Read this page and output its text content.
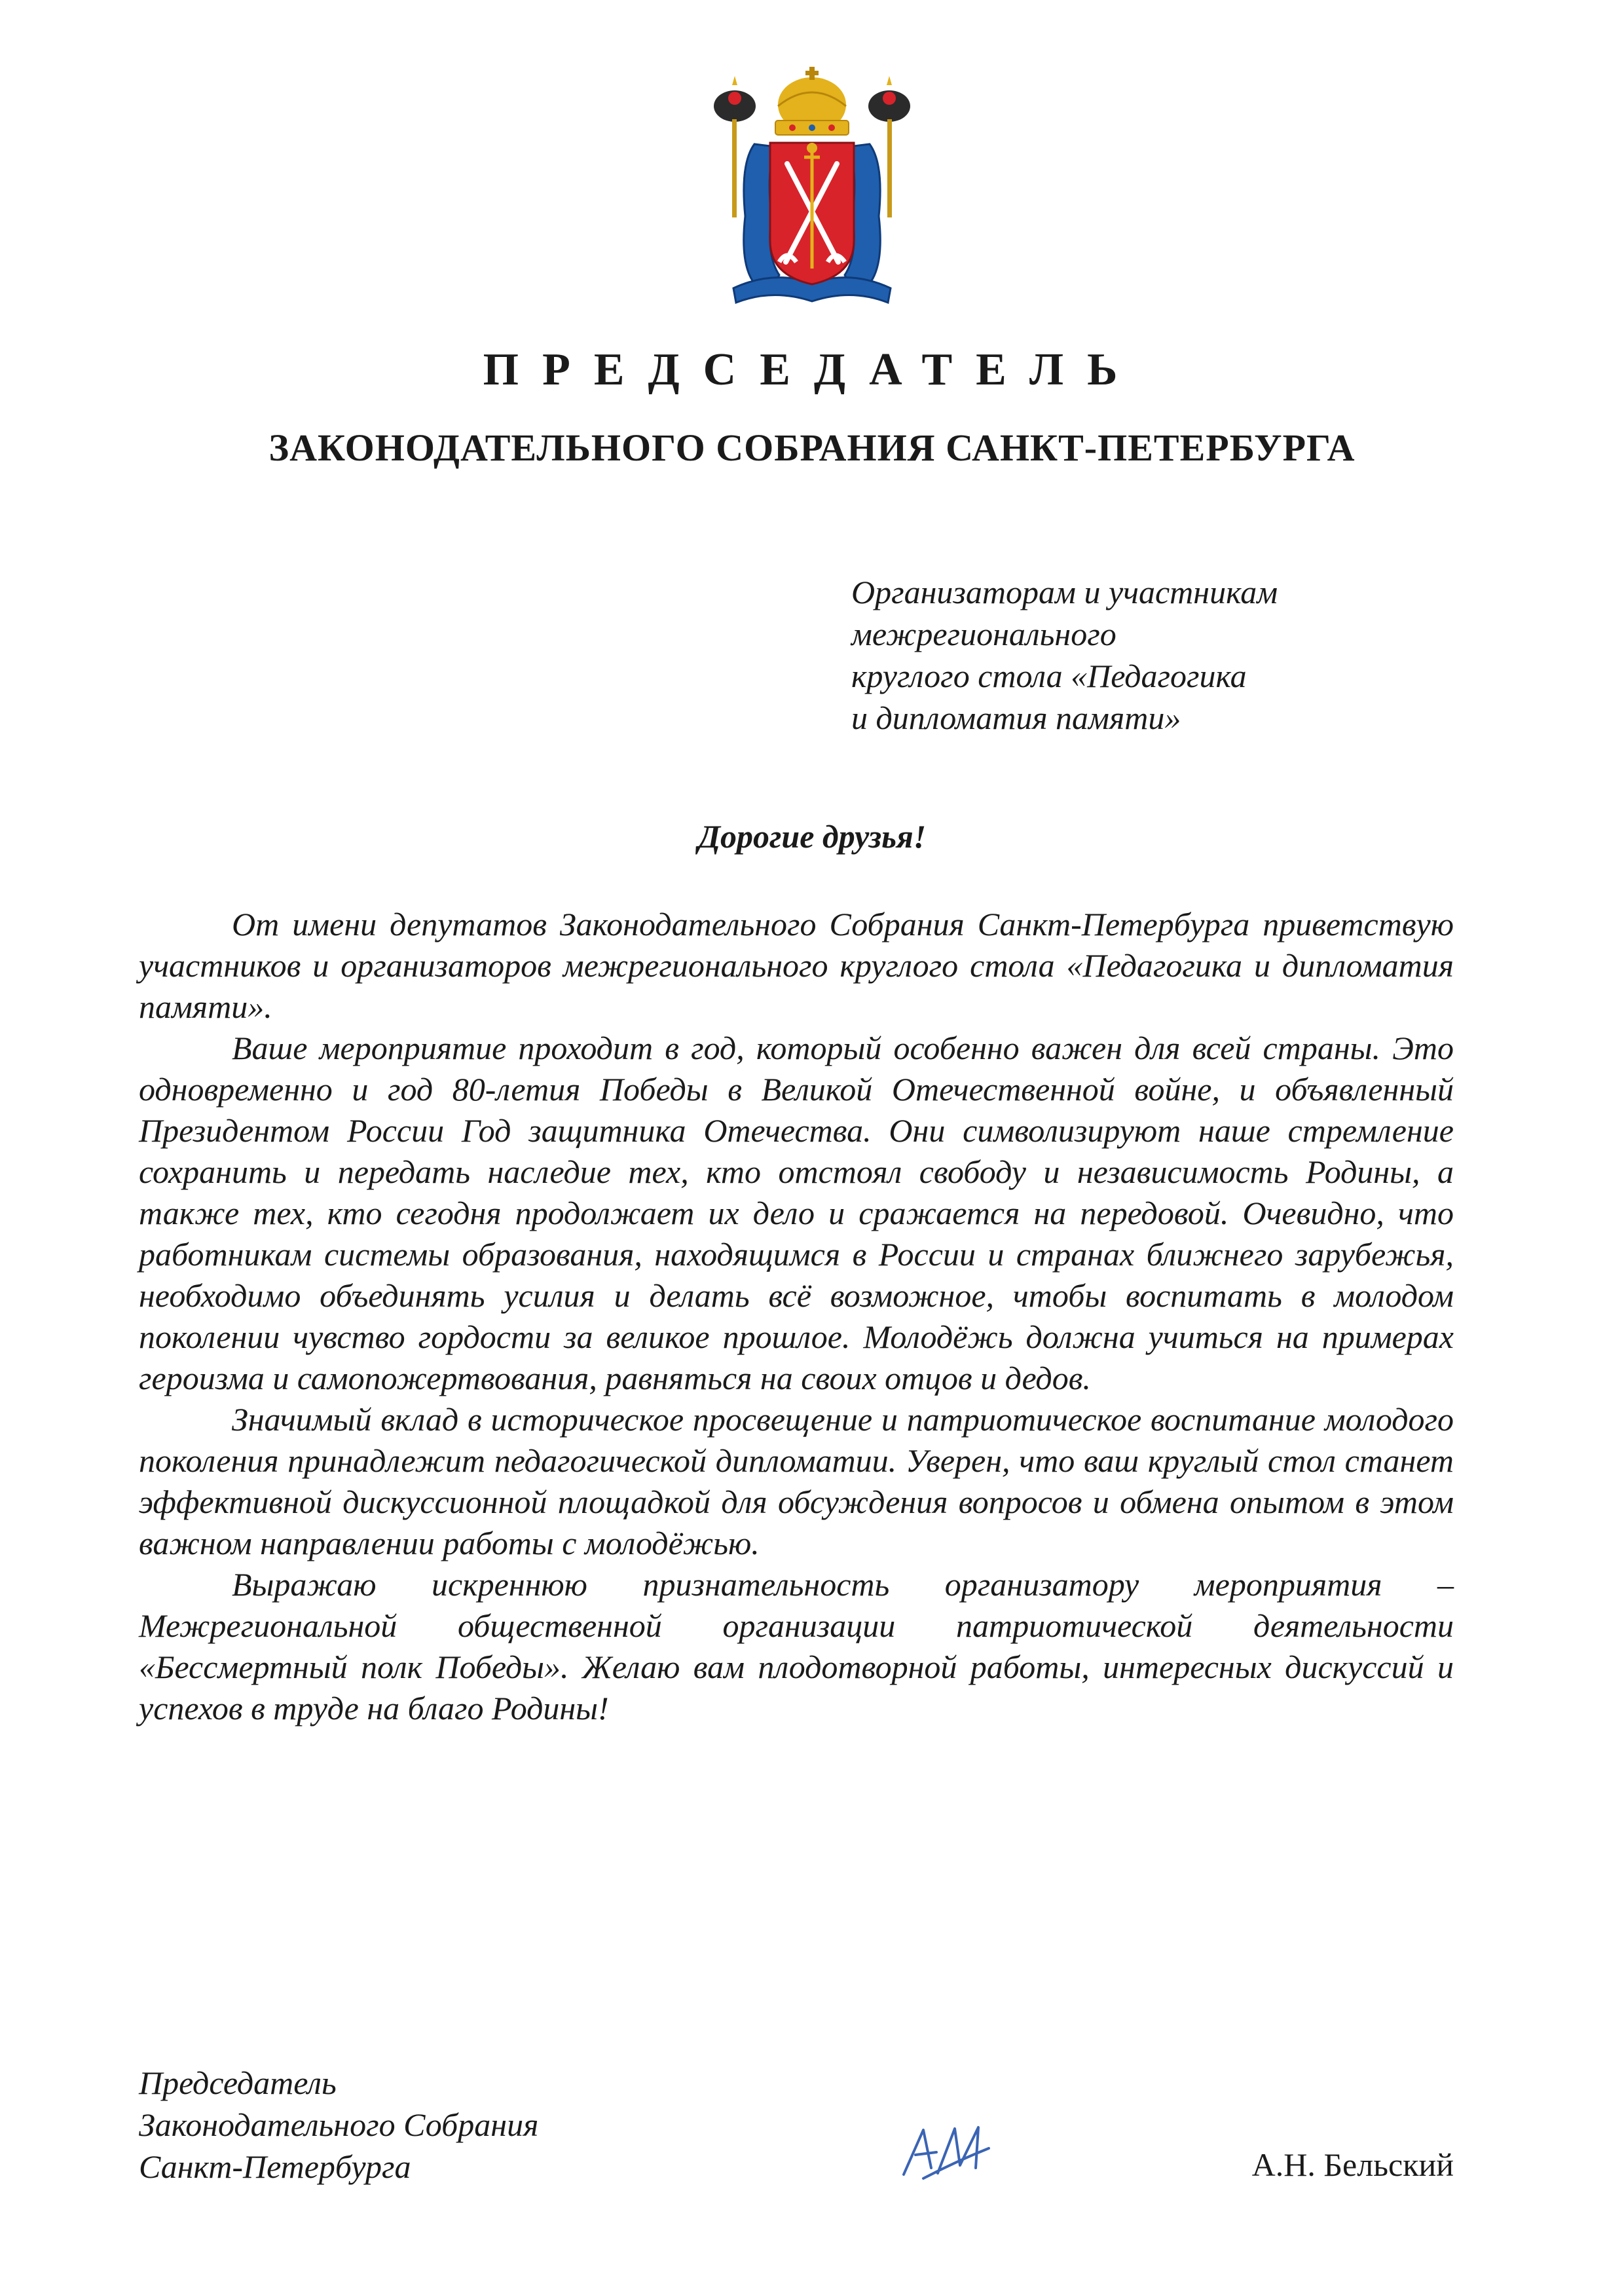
ПРЕДСЕДАТЕЛЬ
ЗАКОНОДАТЕЛЬНОГО СОБРАНИЯ САНКТ-ПЕТЕРБУРГА
Организаторам и участникам
межрегионального
круглого стола «Педагогика
и дипломатия памяти»
Дорогие друзья!

От имени депутатов Законодательного Собрания Санкт-Петербурга приветствую участников и организаторов межрегионального круглого стола «Педагогика и дипломатия памяти».

Ваше мероприятие проходит в год, который особенно важен для всей страны. Это одновременно и год 80-летия Победы в Великой Отечественной войне, и объявленный Президентом России Год защитника Отечества. Они символизируют наше стремление сохранить и передать наследие тех, кто отстоял свободу и независимость Родины, а также тех, кто сегодня продолжает их дело и сражается на передовой. Очевидно, что работникам системы образования, находящимся в России и странах ближнего зарубежья, необходимо объединять усилия и делать всё возможное, чтобы воспитать в молодом поколении чувство гордости за великое прошлое. Молодёжь должна учиться на примерах героизма и самопожертвования, равняться на своих отцов и дедов.

Значимый вклад в историческое просвещение и патриотическое воспитание молодого поколения принадлежит педагогической дипломатии. Уверен, что ваш круглый стол станет эффективной дискуссионной площадкой для обсуждения вопросов и обмена опытом в этом важном направлении работы с молодёжью.

Выражаю искреннюю признательность организатору мероприятия – Межрегиональной общественной организации патриотической деятельности «Бессмертный полк Победы». Желаю вам плодотворной работы, интересных дискуссий и успехов в труде на благо Родины!

Председатель
Законодательного Собрания
Санкт-Петербурга	А.Н. Бельский
